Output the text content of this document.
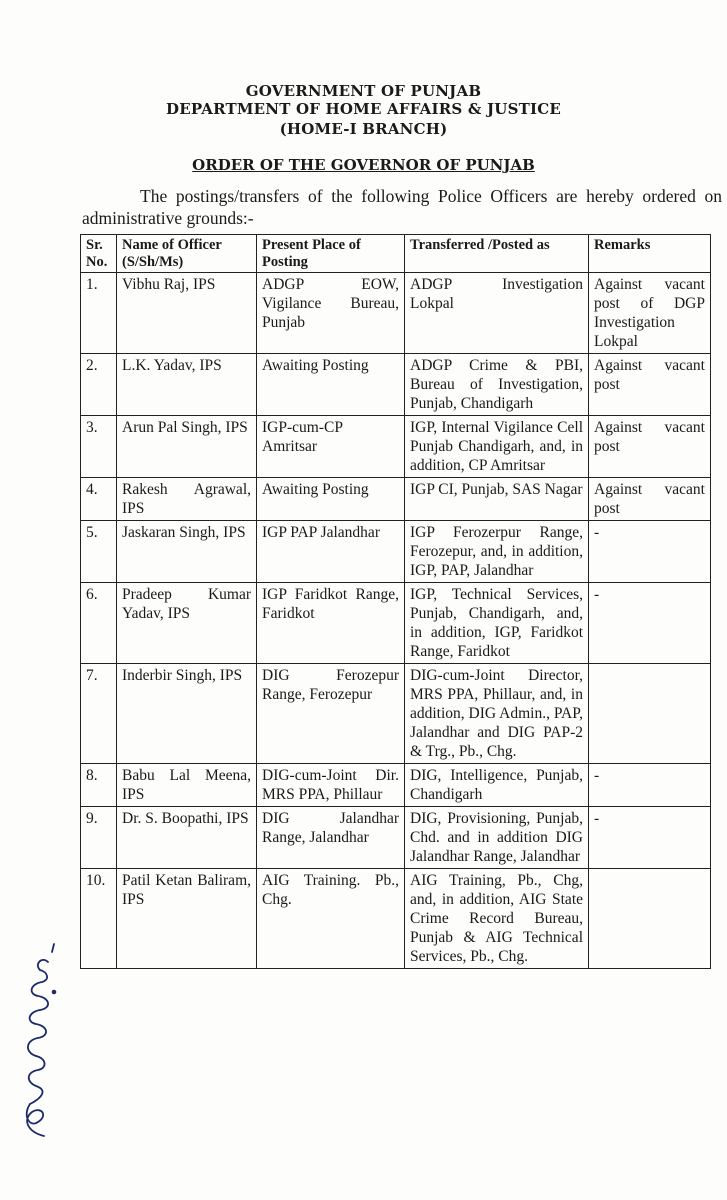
GOVERNMENT OF PUNJAB
DEPARTMENT OF HOME AFFAIRS & JUSTICE
(HOME-I BRANCH)
ORDER OF THE GOVERNOR OF PUNJAB
The postings/transfers of the following Police Officers are hereby ordered on administrative grounds:-
Sr. No.	Name of Officer (S/Sh/Ms)	Present Place of Posting	Transferred /Posted as	Remarks
1.	Vibhu Raj, IPS	ADGP EOW, Vigilance Bureau, Punjab	ADGP Investigation Lokpal	Against vacant post of DGP Investigation Lokpal
2.	L.K. Yadav, IPS	Awaiting Posting	ADGP Crime & PBI, Bureau of Investigation, Punjab, Chandigarh	Against vacant post
3.	Arun Pal Singh, IPS	IGP-cum-CP Amritsar	IGP, Internal Vigilance Cell Punjab Chandigarh, and, in addition, CP Amritsar	Against vacant post
4.	Rakesh Agrawal, IPS	Awaiting Posting	IGP CI, Punjab, SAS Nagar	Against vacant post
5.	Jaskaran Singh, IPS	IGP PAP Jalandhar	IGP Ferozerpur Range, Ferozepur, and, in addition, IGP, PAP, Jalandhar	-
6.	Pradeep Kumar Yadav, IPS	IGP Faridkot Range, Faridkot	IGP, Technical Services, Punjab, Chandigarh, and, in addition, IGP, Faridkot Range, Faridkot	-
7.	Inderbir Singh, IPS	DIG Ferozepur Range, Ferozepur	DIG-cum-Joint Director, MRS PPA, Phillaur, and, in addition, DIG Admin., PAP, Jalandhar and DIG PAP-2 & Trg., Pb., Chg.	
8.	Babu Lal Meena, IPS	DIG-cum-Joint Dir. MRS PPA, Phillaur	DIG, Intelligence, Punjab, Chandigarh	-
9.	Dr. S. Boopathi, IPS	DIG Jalandhar Range, Jalandhar	DIG, Provisioning, Punjab, Chd. and in addition DIG Jalandhar Range, Jalandhar	-
10.	Patil Ketan Baliram, IPS	AIG Training. Pb., Chg.	AIG Training, Pb., Chg, and, in addition, AIG State Crime Record Bureau, Punjab & AIG Technical Services, Pb., Chg.	
